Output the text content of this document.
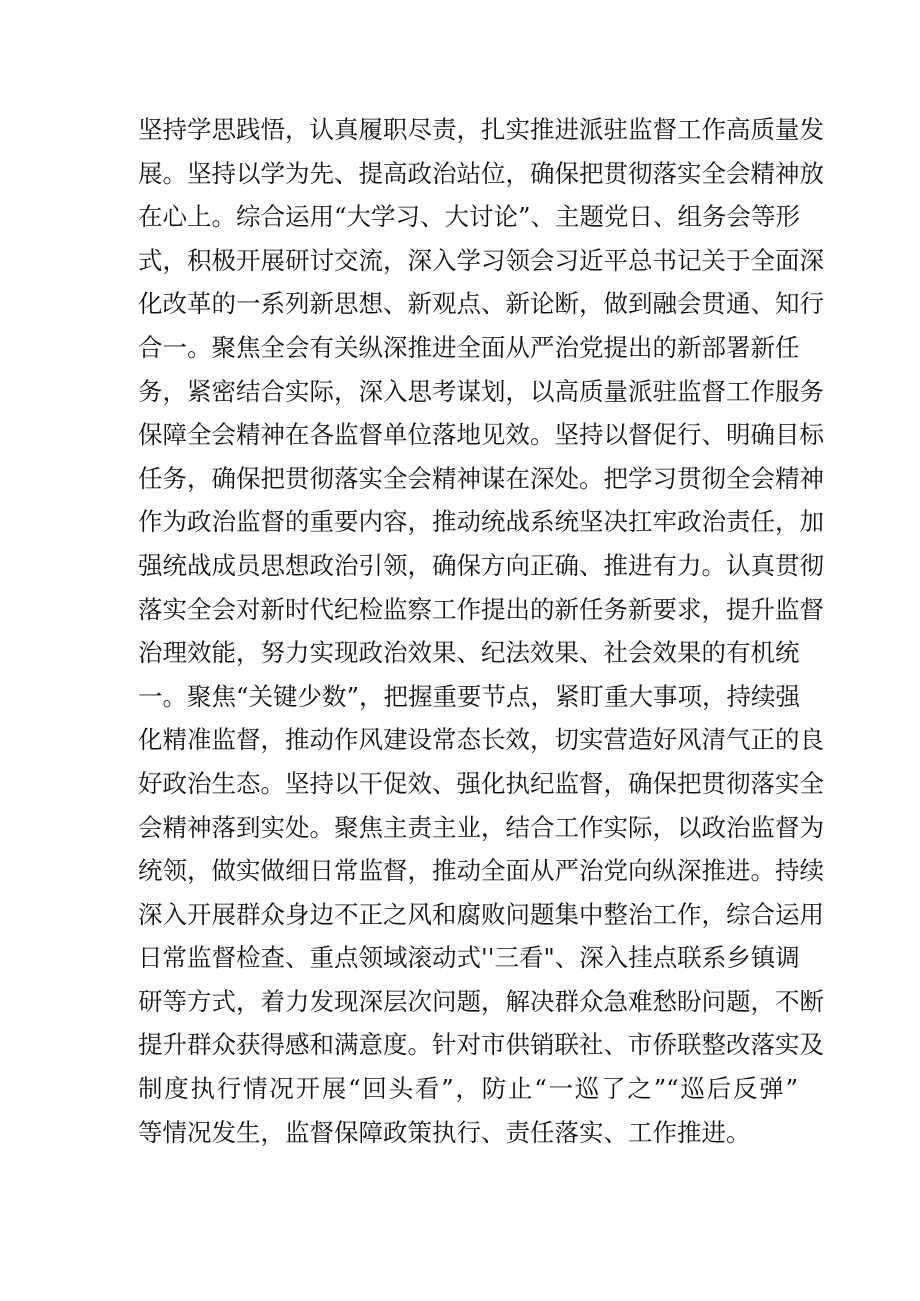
坚持学思践悟，认真履职尽责，扎实推进派驻监督工作高质量发
展。坚持以学为先、提高政治站位，确保把贯彻落实全会精神放
在心上。综合运用“大学习、大讨论”、主题党日、组务会等形
式，积极开展研讨交流，深入学习领会习近平总书记关于全面深
化改革的一系列新思想、新观点、新论断，做到融会贯通、知行
合一。聚焦全会有关纵深推进全面从严治党提出的新部署新任
务，紧密结合实际，深入思考谋划，以高质量派驻监督工作服务
保障全会精神在各监督单位落地见效。坚持以督促行、明确目标
任务，确保把贯彻落实全会精神谋在深处。把学习贯彻全会精神
作为政治监督的重要内容，推动统战系统坚决扛牢政治责任，加
强统战成员思想政治引领，确保方向正确、推进有力。认真贯彻
落实全会对新时代纪检监察工作提出的新任务新要求，提升监督
治理效能，努力实现政治效果、纪法效果、社会效果的有机统
一。聚焦“关键少数”，把握重要节点，紧盯重大事项，持续强
化精准监督，推动作风建设常态长效，切实营造好风清气正的良
好政治生态。坚持以干促效、强化执纪监督，确保把贯彻落实全
会精神落到实处。聚焦主责主业，结合工作实际，以政治监督为
统领，做实做细日常监督，推动全面从严治党向纵深推进。持续
深入开展群众身边不正之风和腐败问题集中整治工作，综合运用
日常监督检查、重点领域滚动式''三看"、深入挂点联系乡镇调
研等方式，着力发现深层次问题，解决群众急难愁盼问题，不断
提升群众获得感和满意度。针对市供销联社、市侨联整改落实及
制度执行情况开展“回头看”，防止“一巡了之”“巡后反弹”
等情况发生，监督保障政策执行、责任落实、工作推进。
